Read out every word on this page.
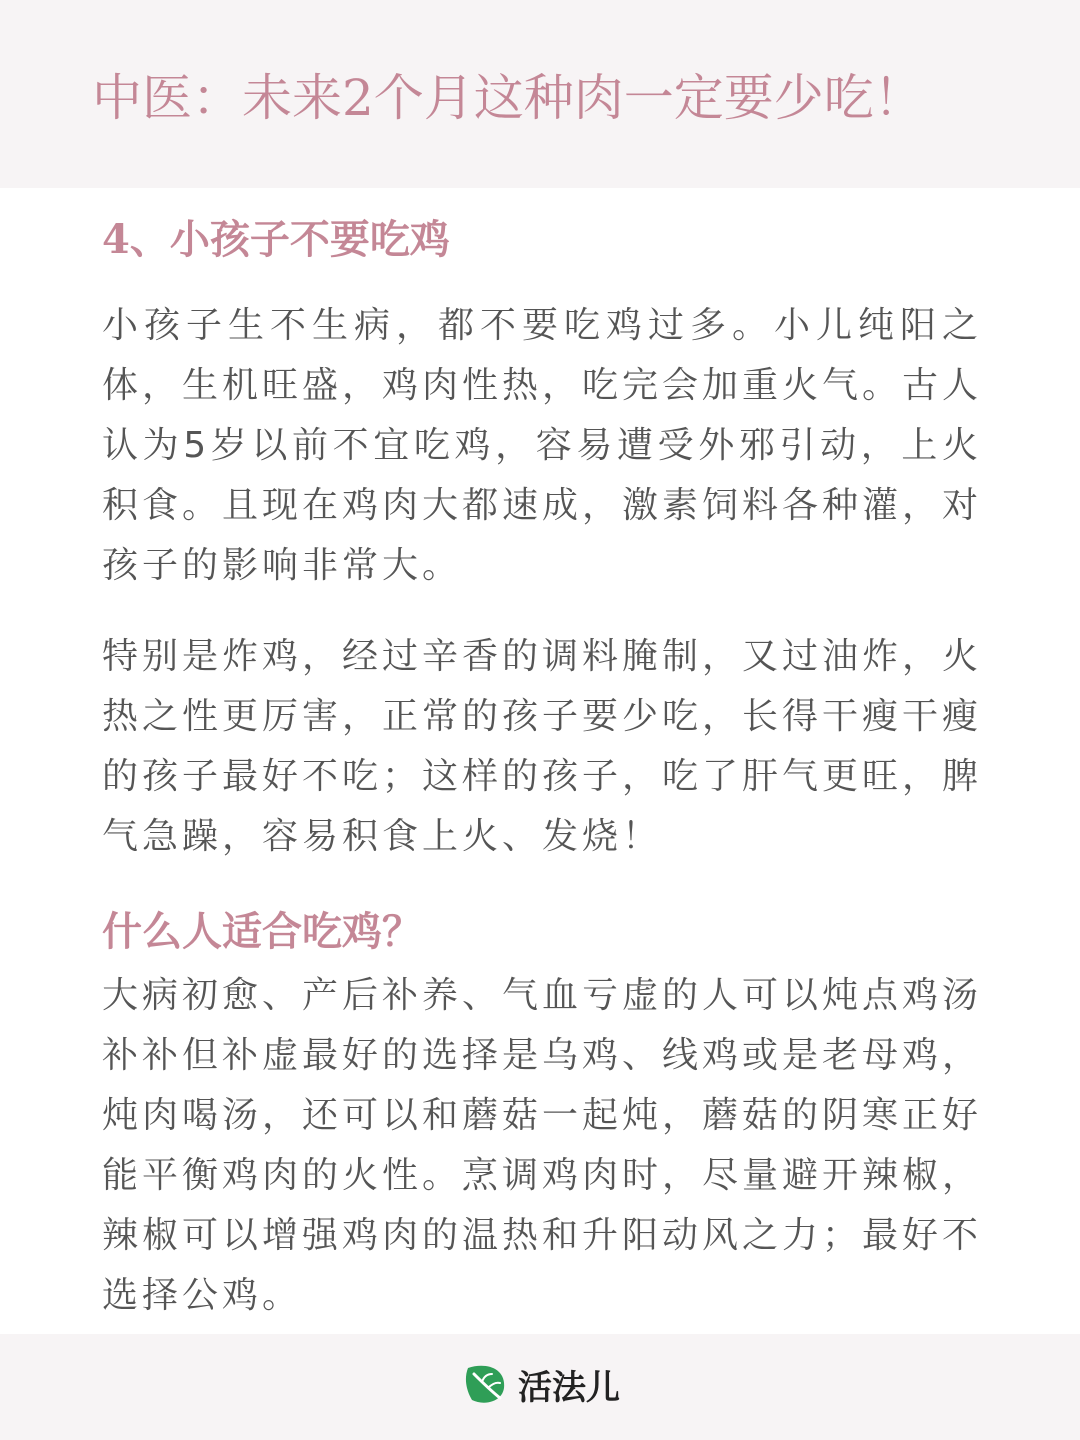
中医：未来2个月这种肉一定要少吃！
4、小孩子不要吃鸡

小孩子生不生病，都不要吃鸡过多。小儿纯阳之体，生机旺盛，鸡肉性热，吃完会加重火气。古人认为5岁以前不宜吃鸡，容易遭受外邪引动，上火积食。且现在鸡肉大都速成，激素饲料各种灌，对孩子的影响非常大。

特别是炸鸡，经过辛香的调料腌制，又过油炸，火热之性更厉害，正常的孩子要少吃，长得干瘦干瘦的孩子最好不吃；这样的孩子，吃了肝气更旺，脾气急躁，容易积食上火、发烧！

什么人适合吃鸡？

大病初愈、产后补养、气血亏虚的人可以炖点鸡汤补补但补虚最好的选择是乌鸡、线鸡或是老母鸡，炖肉喝汤，还可以和蘑菇一起炖，蘑菇的阴寒正好能平衡鸡肉的火性。烹调鸡肉时，尽量避开辣椒，辣椒可以增强鸡肉的温热和升阳动风之力；最好不选择公鸡。

活法儿
